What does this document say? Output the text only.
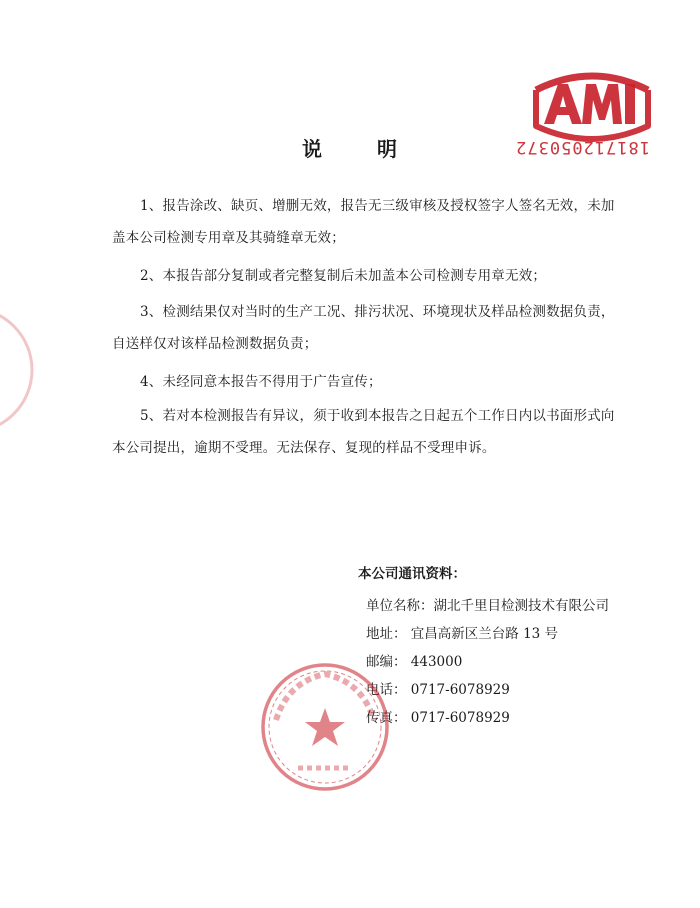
181712050372
说	明
1、报告涂改、缺页、增删无效，报告无三级审核及授权签字人签名无效，未加
盖本公司检测专用章及其骑缝章无效；
2、本报告部分复制或者完整复制后未加盖本公司检测专用章无效；
3、检测结果仅对当时的生产工况、排污状况、环境现状及样品检测数据负责，
自送样仅对该样品检测数据负责；
4、未经同意本报告不得用于广告宣传；
5、若对本检测报告有异议，须于收到本报告之日起五个工作日内以书面形式向
本公司提出，逾期不受理。无法保存、复现的样品不受理申诉。
本公司通讯资料：
单位名称：湖北千里目检测技术有限公司
地址： 宜昌高新区兰台路 13 号
邮编： 443000
电话： 0717-6078929
传真： 0717-6078929
